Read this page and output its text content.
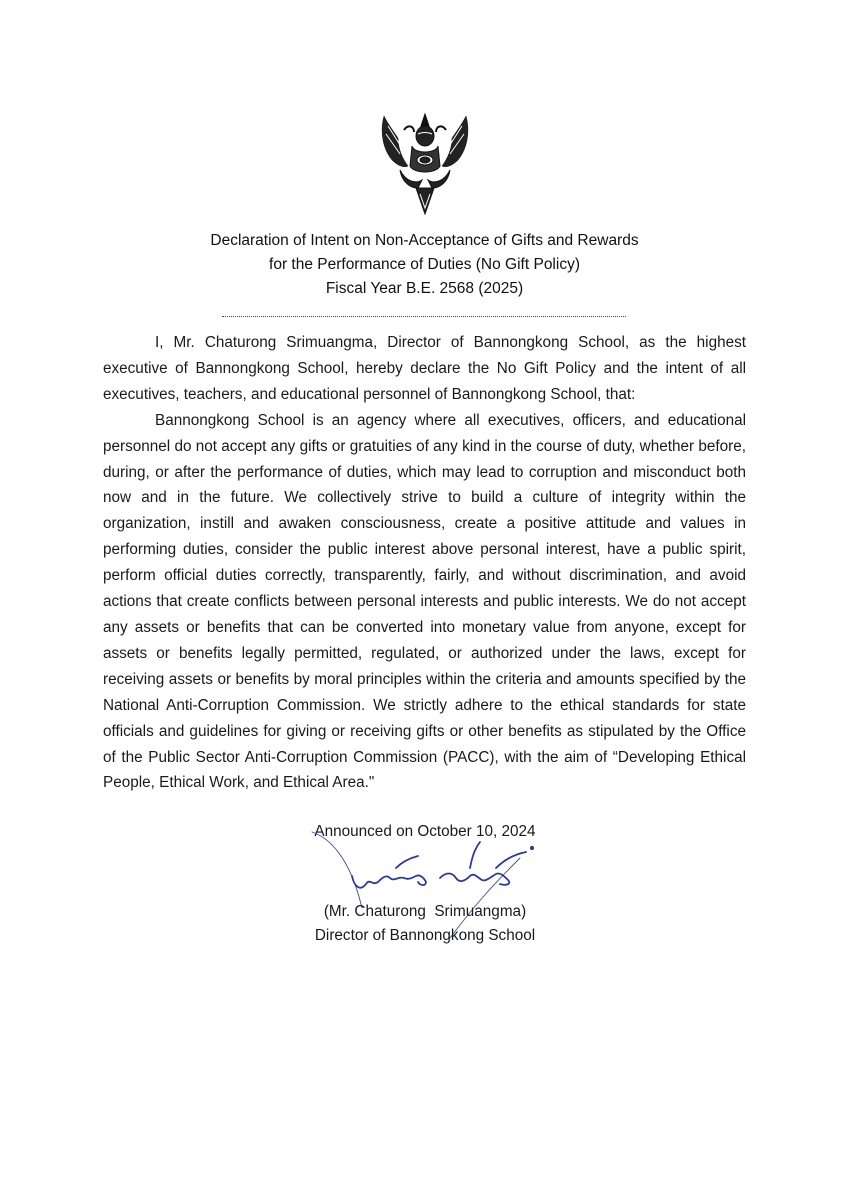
Declaration of Intent on Non-Acceptance of Gifts and Rewards
for the Performance of Duties (No Gift Policy)
Fiscal Year B.E. 2568 (2025)

I, Mr. Chaturong Srimuangma, Director of Bannongkong School, as the highest executive of Bannongkong School, hereby declare the No Gift Policy and the intent of all executives, teachers, and educational personnel of Bannongkong School, that:

Bannongkong School is an agency where all executives, officers, and educational personnel do not accept any gifts or gratuities of any kind in the course of duty, whether before, during, or after the performance of duties, which may lead to corruption and misconduct both now and in the future. We collectively strive to build a culture of integrity within the organization, instill and awaken consciousness, create a positive attitude and values in performing duties, consider the public interest above personal interest, have a public spirit, perform official duties correctly, transparently, fairly, and without discrimination, and avoid actions that create conflicts between personal interests and public interests. We do not accept any assets or benefits that can be converted into monetary value from anyone, except for assets or benefits legally permitted, regulated, or authorized under the laws, except for receiving assets or benefits by moral principles within the criteria and amounts specified by the National Anti-Corruption Commission. We strictly adhere to the ethical standards for state officials and guidelines for giving or receiving gifts or other benefits as stipulated by the Office of the Public Sector Anti-Corruption Commission (PACC), with the aim of “Developing Ethical People, Ethical Work, and Ethical Area."

Announced on October 10, 2024
(Mr. Chaturong  Srimuangma)
Director of Bannongkong School
